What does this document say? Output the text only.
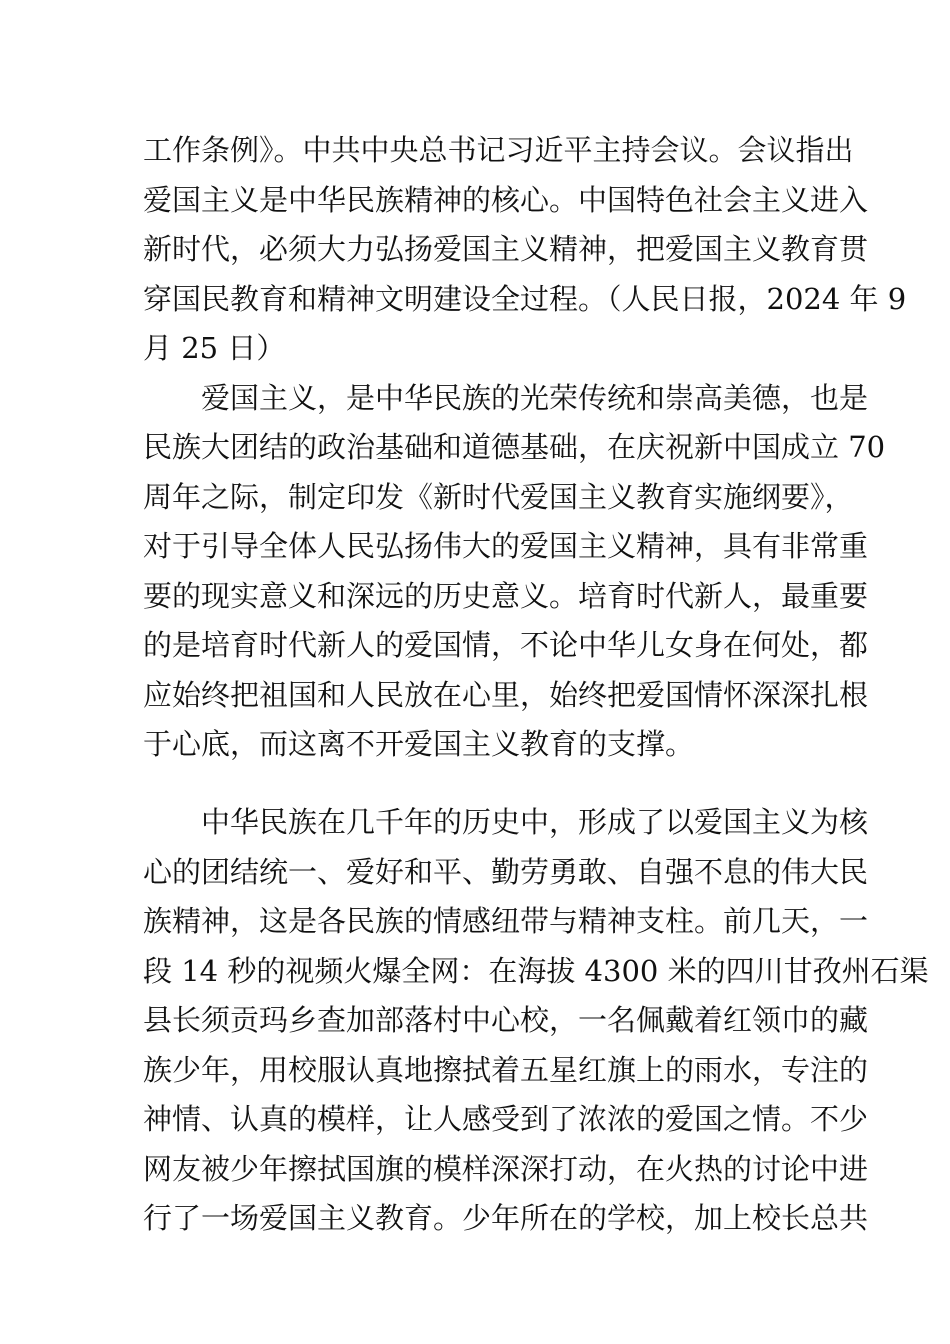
工作条例》。中共中央总书记习近平主持会议。会议指出
爱国主义是中华民族精神的核心。中国特色社会主义进入
新时代，必须大力弘扬爱国主义精神，把爱国主义教育贯
穿国民教育和精神文明建设全过程。（人民日报，2024 年 9
月 25 日）
爱国主义，是中华民族的光荣传统和崇高美德，也是
民族大团结的政治基础和道德基础，在庆祝新中国成立 70
周年之际，制定印发《新时代爱国主义教育实施纲要》，
对于引导全体人民弘扬伟大的爱国主义精神，具有非常重
要的现实意义和深远的历史意义。培育时代新人，最重要
的是培育时代新人的爱国情，不论中华儿女身在何处，都
应始终把祖国和人民放在心里，始终把爱国情怀深深扎根
于心底，而这离不开爱国主义教育的支撑。
中华民族在几千年的历史中，形成了以爱国主义为核
心的团结统一、爱好和平、勤劳勇敢、自强不息的伟大民
族精神，这是各民族的情感纽带与精神支柱。前几天，一
段 14 秒的视频火爆全网：在海拔 4300 米的四川甘孜州石渠
县长须贡玛乡查加部落村中心校，一名佩戴着红领巾的藏
族少年，用校服认真地擦拭着五星红旗上的雨水，专注的
神情、认真的模样，让人感受到了浓浓的爱国之情。不少
网友被少年擦拭国旗的模样深深打动，在火热的讨论中进
行了一场爱国主义教育。少年所在的学校，加上校长总共
